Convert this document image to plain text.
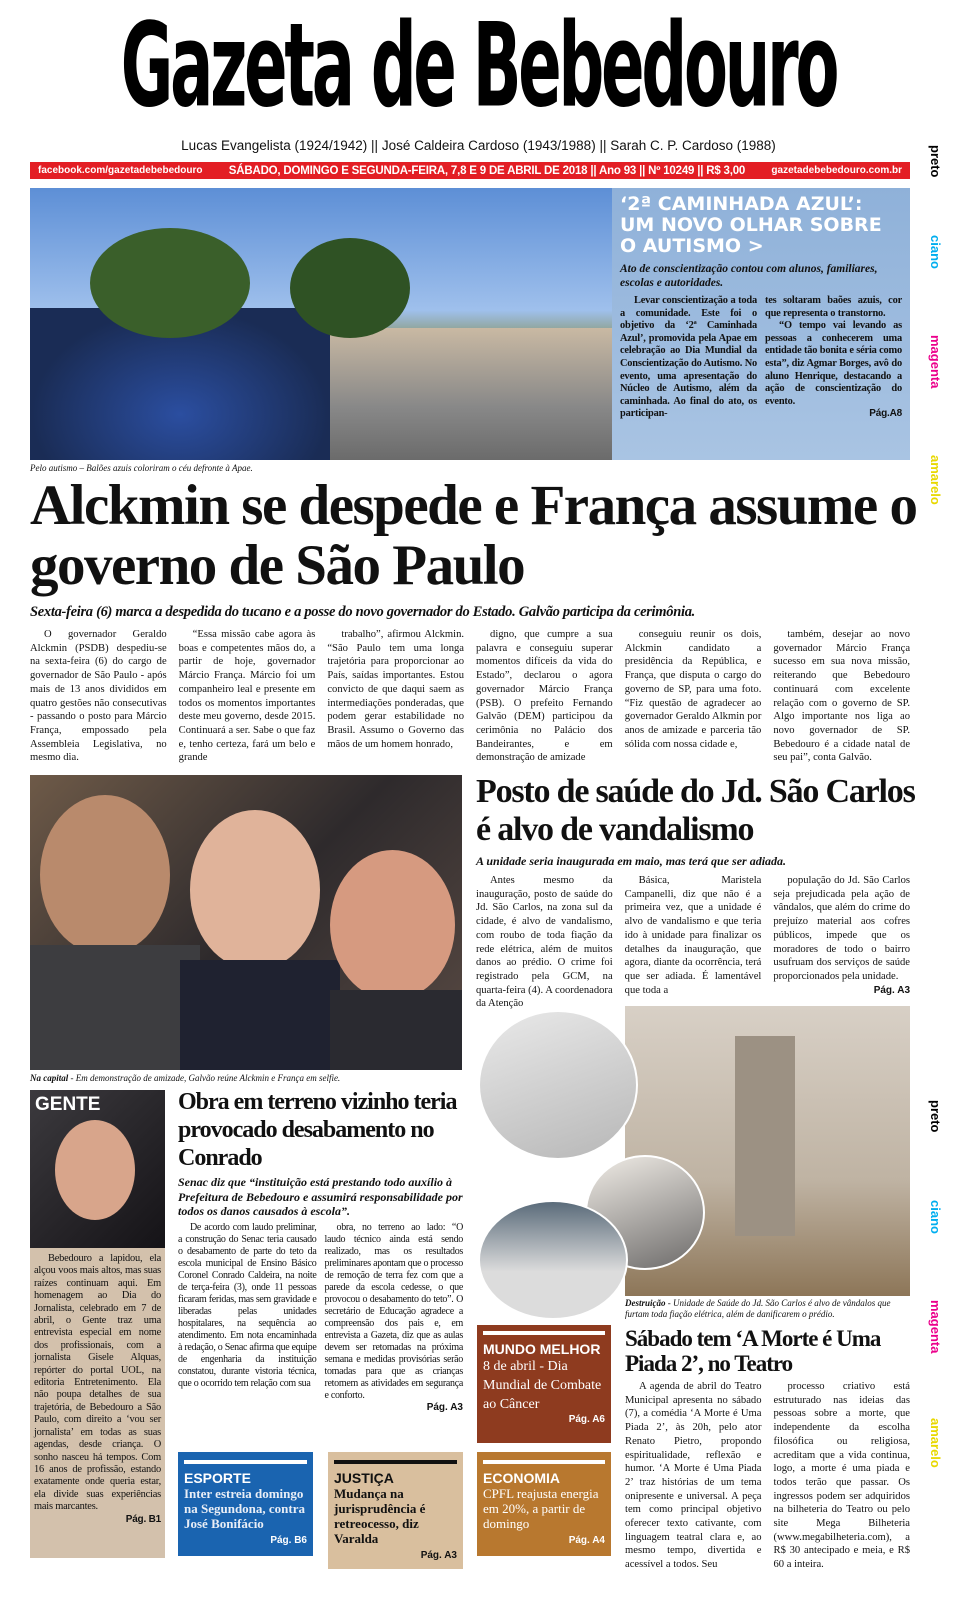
Gazeta de Bebedouro
Lucas Evangelista (1924/1942) || José Caldeira Cardoso (1943/1988) || Sarah C. P. Cardoso (1988)
facebook.com/gazetadebebedouro SÁBADO, DOMINGO E SEGUNDA-FEIRA, 7,8 E 9 DE ABRIL DE 2018 || Ano 93 || Nº 10249 || R$ 3,00	gazetadebebedouro.com.br preto
ciano
magenta
amarelo
preto
ciano
magenta
amarelo
‘2ª CAMINHADA AZUL’: UM NOVO OLHAR SOBRE O AUTISMO >
Ato de conscientização contou com alunos, familiares, escolas e autoridades.
Levar conscientização a toda a comunidade. Este foi o objetivo da ‘2ª Caminhada Azul’, promovida pela Apae em celebração ao Dia Mundial da Conscientização do Autismo. No evento, uma apresentação do Núcleo de Autismo, além da caminhada. Ao final do ato, os participan-
tes soltaram baões azuis, cor que representa o transtorno.
“O tempo vai levando as pessoas a conhecerem uma entidade tão bonita e séria como esta”, diz Agmar Borges, avô do aluno Henrique, destacando a ação de conscientização do evento.
Pág.A8
Pelo autismo – Balões azuis coloriram o céu defronte à Apae.
Alckmin se despede e França assume o governo de São Paulo
Sexta-feira (6) marca a despedida do tucano e a posse do novo governador do Estado. Galvão participa da cerimônia.

O governador Geraldo Alckmin (PSDB) despediu-se na sexta-feira (6) do cargo de governador de São Paulo - após mais de 13 anos divididos em quatro gestões não consecutivas - passando o posto para Márcio França, empossado pela Assembleia Legislativa, no mesmo dia.

“Essa missão cabe agora às boas e competentes mãos do, a partir de hoje, governador Márcio França. Márcio foi um companheiro leal e presente em todos os momentos importantes deste meu governo, desde 2015. Continuará a ser. Sabe o que faz e, tenho certeza, fará um belo e grande

trabalho”, afirmou Alckmin. “São Paulo tem uma longa trajetória para proporcionar ao País, saídas importantes. Estou convicto de que daqui saem as intermediações ponderadas, que podem gerar estabilidade no Brasil. Assumo o Governo das mãos de um homem honrado,

digno, que cumpre a sua palavra e conseguiu superar momentos difíceis da vida do Estado”, declarou o agora governador Márcio França (PSB). O prefeito Fernando Galvão (DEM) participou da cerimônia no Palácio dos Bandeirantes, e em demonstração de amizade

conseguiu reunir os dois, Alckmin candidato a presidência da República, e França, que disputa o cargo do governo de SP, para uma foto. “Fiz questão de agradecer ao governador Geraldo Alkmin por anos de amizade e parceria tão sólida com nossa cidade e,

também, desejar ao novo governador Márcio França sucesso em sua nova missão, reiterando que Bebedouro continuará com excelente relação com o governo de SP. Algo importante nos liga ao novo governador de SP. Bebedouro é a cidade natal de seu pai”, conta Galvão.

Na capital - Em demonstração de amizade, Galvão reúne Alckmin e França em selfie.
Posto de saúde do Jd. São Carlos é alvo de vandalismo
A unidade seria inaugurada em maio, mas terá que ser adiada.

Antes mesmo da inauguração, posto de saúde do Jd. São Carlos, na zona sul da cidade, é alvo de vandalismo, com roubo de toda fiação da rede elétrica, além de muitos danos ao prédio. O crime foi registrado pela GCM, na quarta-feira (4). A coordenadora da Atenção

Básica, Maristela Campanelli, diz que não é a primeira vez, que a unidade é alvo de vandalismo e que teria ido à unidade para finalizar os detalhes da inauguração, que agora, diante da ocorrência, terá que ser adiada. É lamentável que toda a

população do Jd. São Carlos seja prejudicada pela ação de vândalos, que além do crime do prejuízo material aos cofres públicos, impede que os moradores de todo o bairro usufruam dos serviços de saúde proporcionados pela unidade.

Pág. A3
Destruição - Unidade de Saúde do Jd. São Carlos é alvo de vândalos que furtam toda fiação elétrica, além de danificarem o prédio.
GENTE

Bebedouro a lapidou, ela alçou voos mais altos, mas suas raízes continuam aqui. Em homenagem ao Dia do Jornalista, celebrado em 7 de abril, o Gente traz uma entrevista especial em nome dos profissionais, com a jornalista Gisele Alquas, repórter do portal UOL, na editoria Entretenimento. Ela não poupa detalhes de sua trajetória, de Bebedouro a São Paulo, com direito a ‘vou ser jornalista’ em todas as suas agendas, desde criança. O sonho nasceu há tempos. Com 16 anos de profissão, estando exatamente onde queria estar, ela divide suas experiências mais marcantes.

Pág. B1
Obra em terreno vizinho teria provocado desabamento no Conrado
Senac diz que “instituição está prestando todo auxílio à Prefeitura de Bebedouro e assumirá responsabilidade por todos os danos causados à escola”.

De acordo com laudo preliminar, a construção do Senac teria causado o desabamento de parte do teto da escola municipal de Ensino Básico Coronel Conrado Caldeira, na noite de terça-feira (3), onde 11 pessoas ficaram feridas, mas sem gravidade e liberadas pelas unidades hospitalares, na sequência ao atendimento. Em nota encaminhada à redação, o Senac afirma que equipe de engenharia da instituição constatou, durante vistoria técnica, que o ocorrido tem relação com sua

obra, no terreno ao lado: “O laudo técnico ainda está sendo realizado, mas os resultados preliminares apontam que o processo de remoção de terra fez com que a parede da escola cedesse, o que provocou o desabamento do teto”. O secretário de Educação agradece a compreensão dos pais e, em entrevista a Gazeta, diz que as aulas devem ser retomadas na próxima semana e medidas provisórias serão tomadas para que as crianças retomem as atividades em segurança e conforto.

Pág. A3
ESPORTE
Inter estreia domingo na Segundona, contra José Bonifácio
Pág. B6
JUSTIÇA
Mudança na jurisprudência é retreocesso, diz Varalda
Pág. A3
MUNDO MELHOR
8 de abril - Dia Mundial de Combate ao Câncer
Pág. A6
ECONOMIA
CPFL reajusta energia em 20%, a partir de domingo
Pág. A4
Sábado tem ‘A Morte é Uma Piada 2’, no Teatro

A agenda de abril do Teatro Municipal apresenta no sábado (7), a comédia ‘A Morte é Uma Piada 2’, às 20h, pelo ator Renato Pietro, propondo espiritualidade, reflexão e humor. ‘A Morte é Uma Piada 2’ traz histórias de um tema onipresente e universal. A peça tem como principal objetivo oferecer texto cativante, com linguagem teatral clara e, ao mesmo tempo, divertida e acessível a todos. Seu

processo criativo está estruturado nas ideias das pessoas sobre a morte, que independente da escolha filosófica ou religiosa, acreditam que a vida continua, logo, a morte é uma piada e todos terão que passar. Os ingressos podem ser adquiridos na bilheteria do Teatro ou pelo site Mega Bilheteria (www.megabilheteria.com), a R$ 30 antecipado e meia, e R$ 60 a inteira.
